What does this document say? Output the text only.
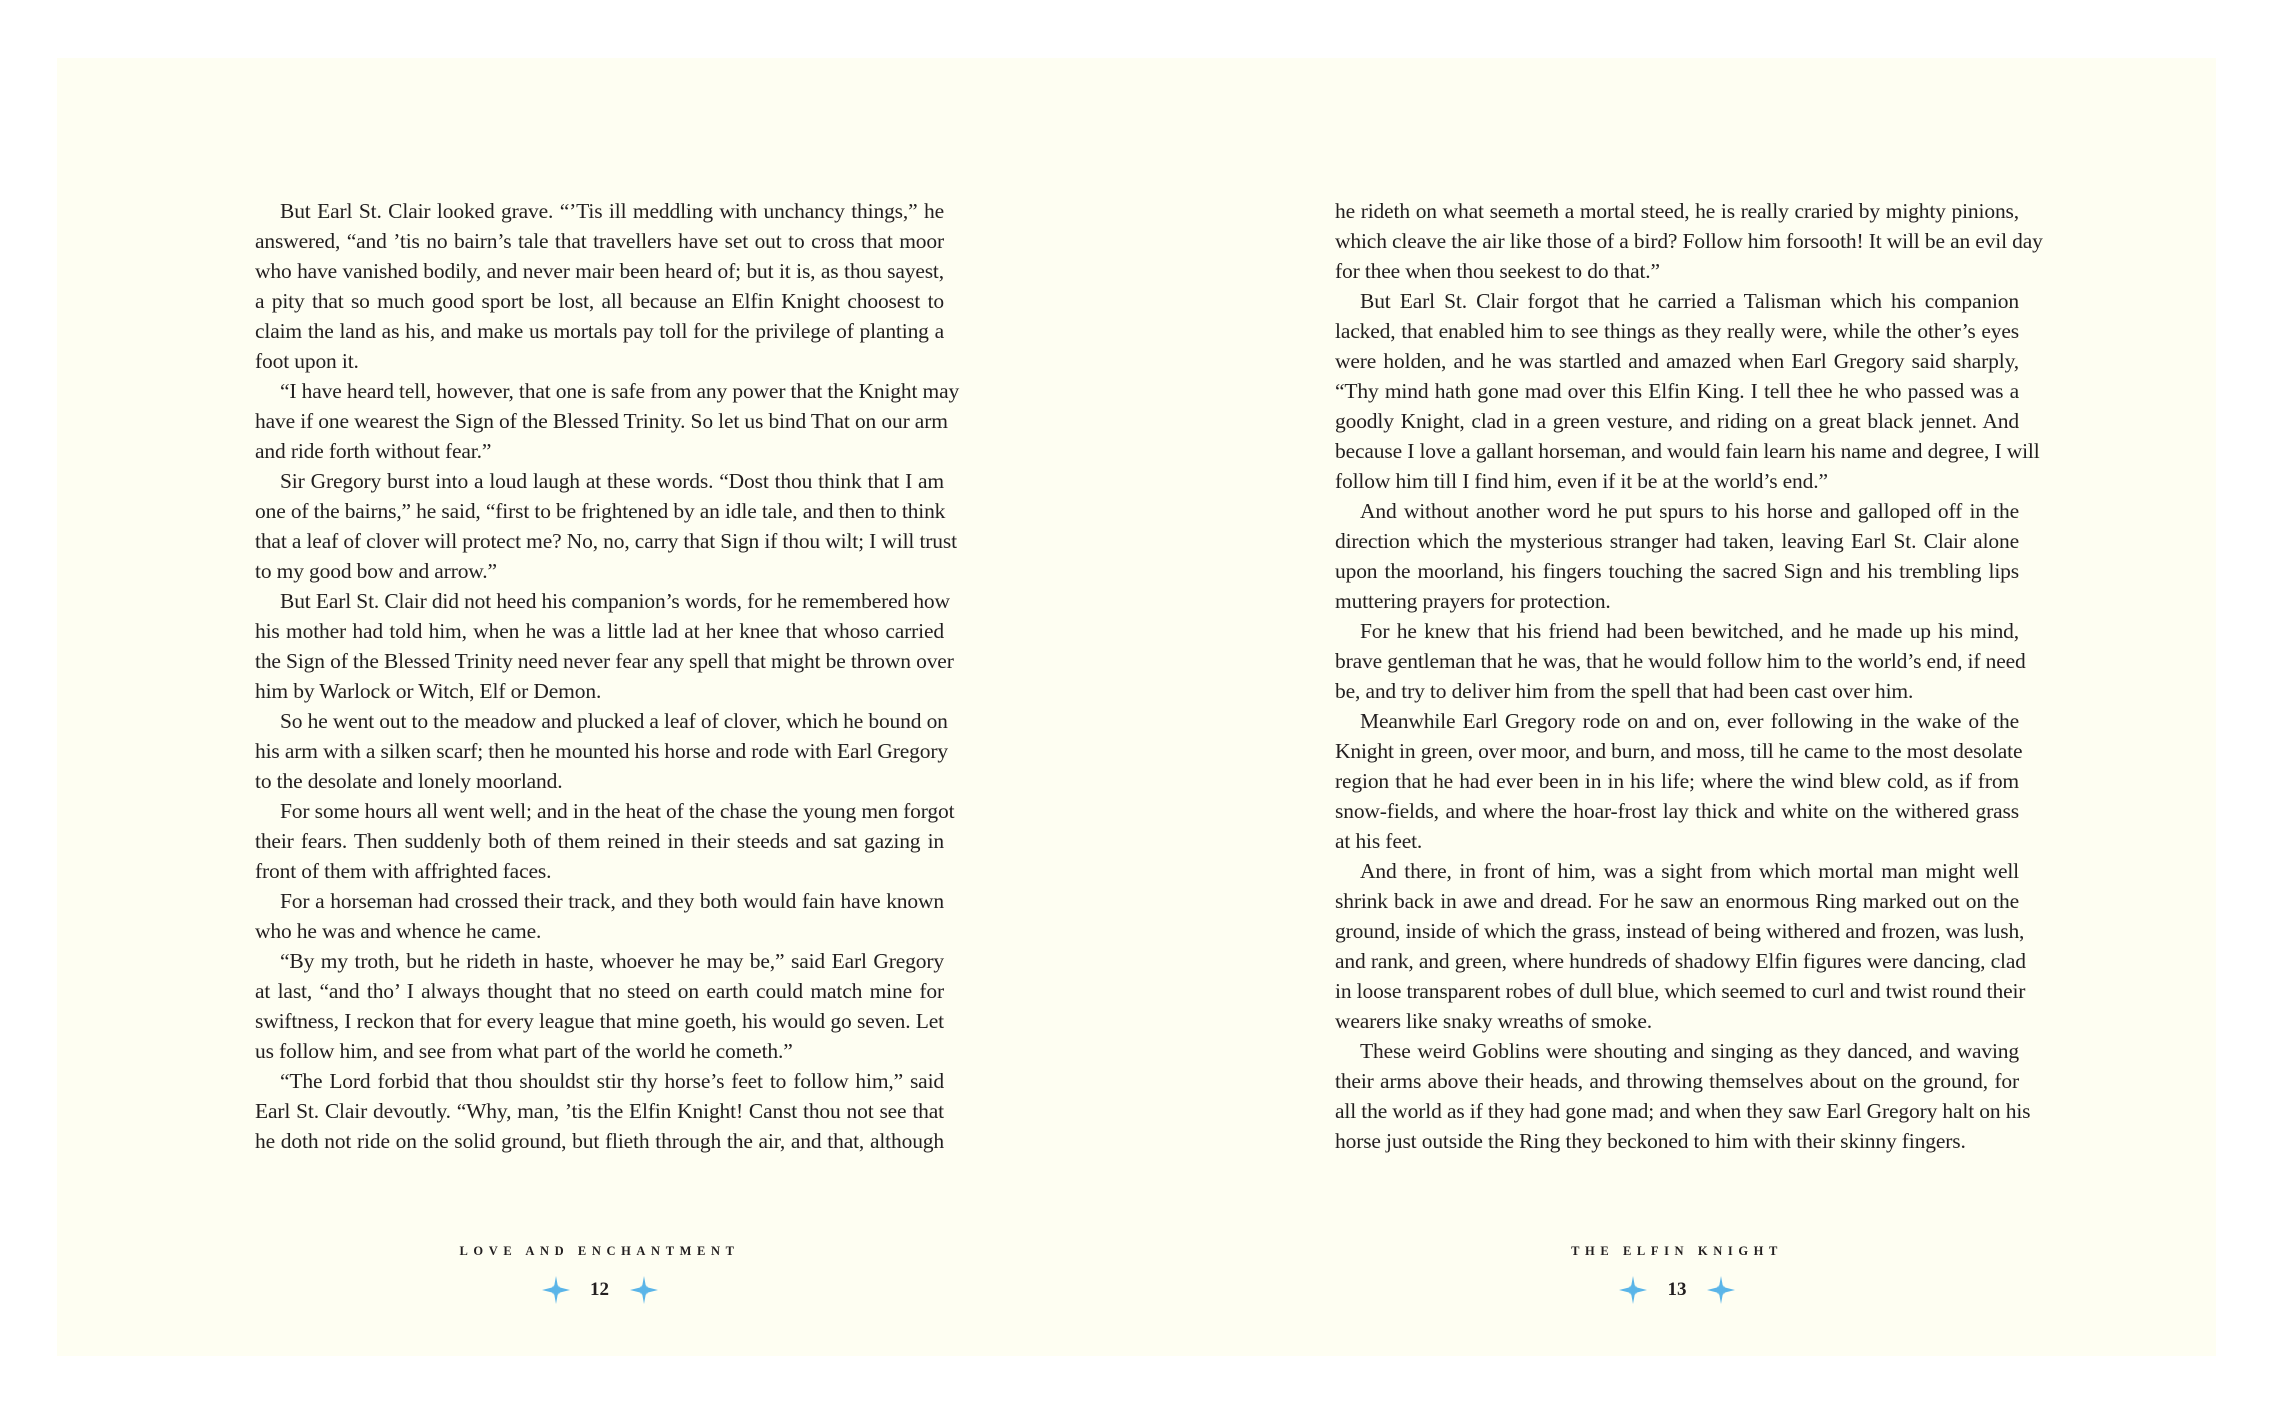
But Earl St. Clair looked grave. “’Tis ill meddling with unchancy things,” he
answered, “and ’tis no bairn’s tale that travellers have set out to cross that moor
who have vanished bodily, and never mair been heard of; but it is, as thou sayest,
a pity that so much good sport be lost, all because an Elfin Knight choosest to
claim the land as his, and make us mortals pay toll for the privilege of planting a
foot upon it.
“I have heard tell, however, that one is safe from any power that the Knight may
have if one wearest the Sign of the Blessed Trinity. So let us bind That on our arm
and ride forth without fear.”
Sir Gregory burst into a loud laugh at these words. “Dost thou think that I am
one of the bairns,” he said, “first to be frightened by an idle tale, and then to think
that a leaf of clover will protect me? No, no, carry that Sign if thou wilt; I will trust
to my good bow and arrow.”
But Earl St. Clair did not heed his companion’s words, for he remembered how
his mother had told him, when he was a little lad at her knee that whoso carried
the Sign of the Blessed Trinity need never fear any spell that might be thrown over
him by Warlock or Witch, Elf or Demon.
So he went out to the meadow and plucked a leaf of clover, which he bound on
his arm with a silken scarf; then he mounted his horse and rode with Earl Gregory
to the desolate and lonely moorland.
For some hours all went well; and in the heat of the chase the young men forgot
their fears. Then suddenly both of them reined in their steeds and sat gazing in
front of them with affrighted faces.
For a horseman had crossed their track, and they both would fain have known
who he was and whence he came.
“By my troth, but he rideth in haste, whoever he may be,” said Earl Gregory
at last, “and tho’ I always thought that no steed on earth could match mine for
swiftness, I reckon that for every league that mine goeth, his would go seven. Let
us follow him, and see from what part of the world he cometh.”
“The Lord forbid that thou shouldst stir thy horse’s feet to follow him,” said
Earl St. Clair devoutly. “Why, man, ’tis the Elfin Knight! Canst thou not see that
he doth not ride on the solid ground, but flieth through the air, and that, although
LOVE AND ENCHANTMENT
12
he rideth on what seemeth a mortal steed, he is really craried by mighty pinions,
which cleave the air like those of a bird? Follow him forsooth! It will be an evil day
for thee when thou seekest to do that.”
But Earl St. Clair forgot that he carried a Talisman which his companion
lacked, that enabled him to see things as they really were, while the other’s eyes
were holden, and he was startled and amazed when Earl Gregory said sharply,
“Thy mind hath gone mad over this Elfin King. I tell thee he who passed was a
goodly Knight, clad in a green vesture, and riding on a great black jennet. And
because I love a gallant horseman, and would fain learn his name and degree, I will
follow him till I find him, even if it be at the world’s end.”
And without another word he put spurs to his horse and galloped off in the
direction which the mysterious stranger had taken, leaving Earl St. Clair alone
upon the moorland, his fingers touching the sacred Sign and his trembling lips
muttering prayers for protection.
For he knew that his friend had been bewitched, and he made up his mind,
brave gentleman that he was, that he would follow him to the world’s end, if need
be, and try to deliver him from the spell that had been cast over him.
Meanwhile Earl Gregory rode on and on, ever following in the wake of the
Knight in green, over moor, and burn, and moss, till he came to the most desolate
region that he had ever been in in his life; where the wind blew cold, as if from
snow-fields, and where the hoar-frost lay thick and white on the withered grass
at his feet.
And there, in front of him, was a sight from which mortal man might well
shrink back in awe and dread. For he saw an enormous Ring marked out on the
ground, inside of which the grass, instead of being withered and frozen, was lush,
and rank, and green, where hundreds of shadowy Elfin figures were dancing, clad
in loose transparent robes of dull blue, which seemed to curl and twist round their
wearers like snaky wreaths of smoke.
These weird Goblins were shouting and singing as they danced, and waving
their arms above their heads, and throwing themselves about on the ground, for
all the world as if they had gone mad; and when they saw Earl Gregory halt on his
horse just outside the Ring they beckoned to him with their skinny fingers.
THE ELFIN KNIGHT
13
